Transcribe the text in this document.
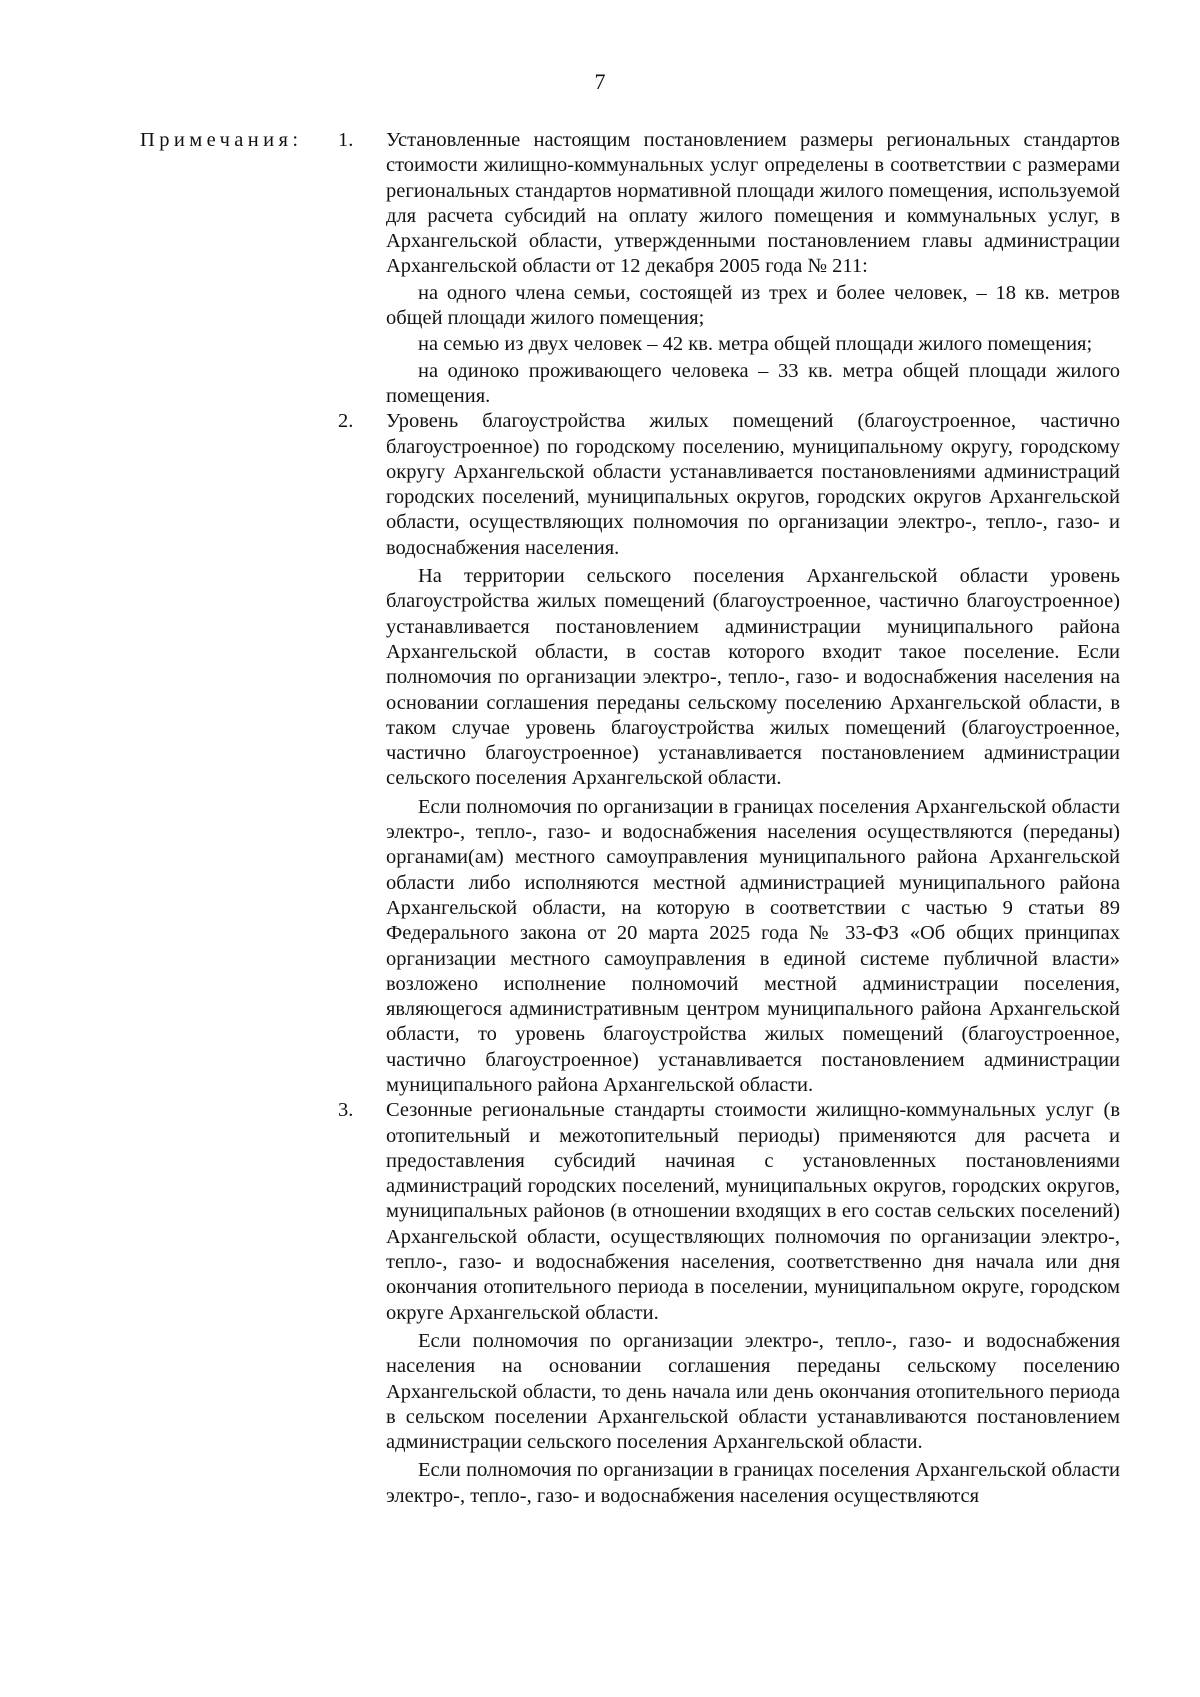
7
Примечания: 1. Установленные настоящим постановлением размеры региональных стандартов стоимости жилищно-коммунальных услуг определены в соответствии с размерами региональных стандартов нормативной площади жилого помещения, используемой для расчета субсидий на оплату жилого помещения и коммунальных услуг, в Архангельской области, утвержденными постановлением главы администрации Архангельской области от 12 декабря 2005 года № 211:

на одного члена семьи, состоящей из трех и более человек, – 18 кв. метров общей площади жилого помещения;

на семью из двух человек – 42 кв. метра общей площади жилого помещения;

на одиноко проживающего человека – 33 кв. метра общей площади жилого помещения.

2. Уровень благоустройства жилых помещений (благоустроенное, частично благоустроенное) по городскому поселению, муниципальному округу, городскому округу Архангельской области устанавливается постановлениями администраций городских поселений, муниципальных округов, городских округов Архангельской области, осуществляющих полномочия по организации электро-, тепло-, газо- и водоснабжения населения.

На территории сельского поселения Архангельской области уровень благоустройства жилых помещений (благоустроенное, частично благоустроенное) устанавливается постановлением администрации муниципального района Архангельской области, в состав которого входит такое поселение. Если полномочия по организации электро-, тепло-, газо- и водоснабжения населения на основании соглашения переданы сельскому поселению Архангельской области, в таком случае уровень благоустройства жилых помещений (благоустроенное, частично благоустроенное) устанавливается постановлением администрации сельского поселения Архангельской области.

Если полномочия по организации в границах поселения Архангельской области электро-, тепло-, газо- и водоснабжения населения осуществляются (переданы) органами(ам) местного самоуправления муниципального района Архангельской области либо исполняются местной администрацией муниципального района Архангельской области, на которую в соответствии с частью 9 статьи 89 Федерального закона от 20 марта 2025 года № 33-ФЗ «Об общих принципах организации местного самоуправления в единой системе публичной власти» возложено исполнение полномочий местной администрации поселения, являющегося административным центром муниципального района Архангельской области, то уровень благоустройства жилых помещений (благоустроенное, частично благоустроенное) устанавливается постановлением администрации муниципального района Архангельской области.

3. Сезонные региональные стандарты стоимости жилищно-коммунальных услуг (в отопительный и межотопительный периоды) применяются для расчета и предоставления субсидий начиная с установленных постановлениями администраций городских поселений, муниципальных округов, городских округов, муниципальных районов (в отношении входящих в его состав сельских поселений) Архангельской области, осуществляющих полномочия по организации электро-, тепло-, газо- и водоснабжения населения, соответственно дня начала или дня окончания отопительного периода в поселении, муниципальном округе, городском округе Архангельской области.

Если полномочия по организации электро-, тепло-, газо- и водоснабжения населения на основании соглашения переданы сельскому поселению Архангельской области, то день начала или день окончания отопительного периода в сельском поселении Архангельской области устанавливаются постановлением администрации сельского поселения Архангельской области.

Если полномочия по организации в границах поселения Архангельской области электро-, тепло-, газо- и водоснабжения населения осуществляются
